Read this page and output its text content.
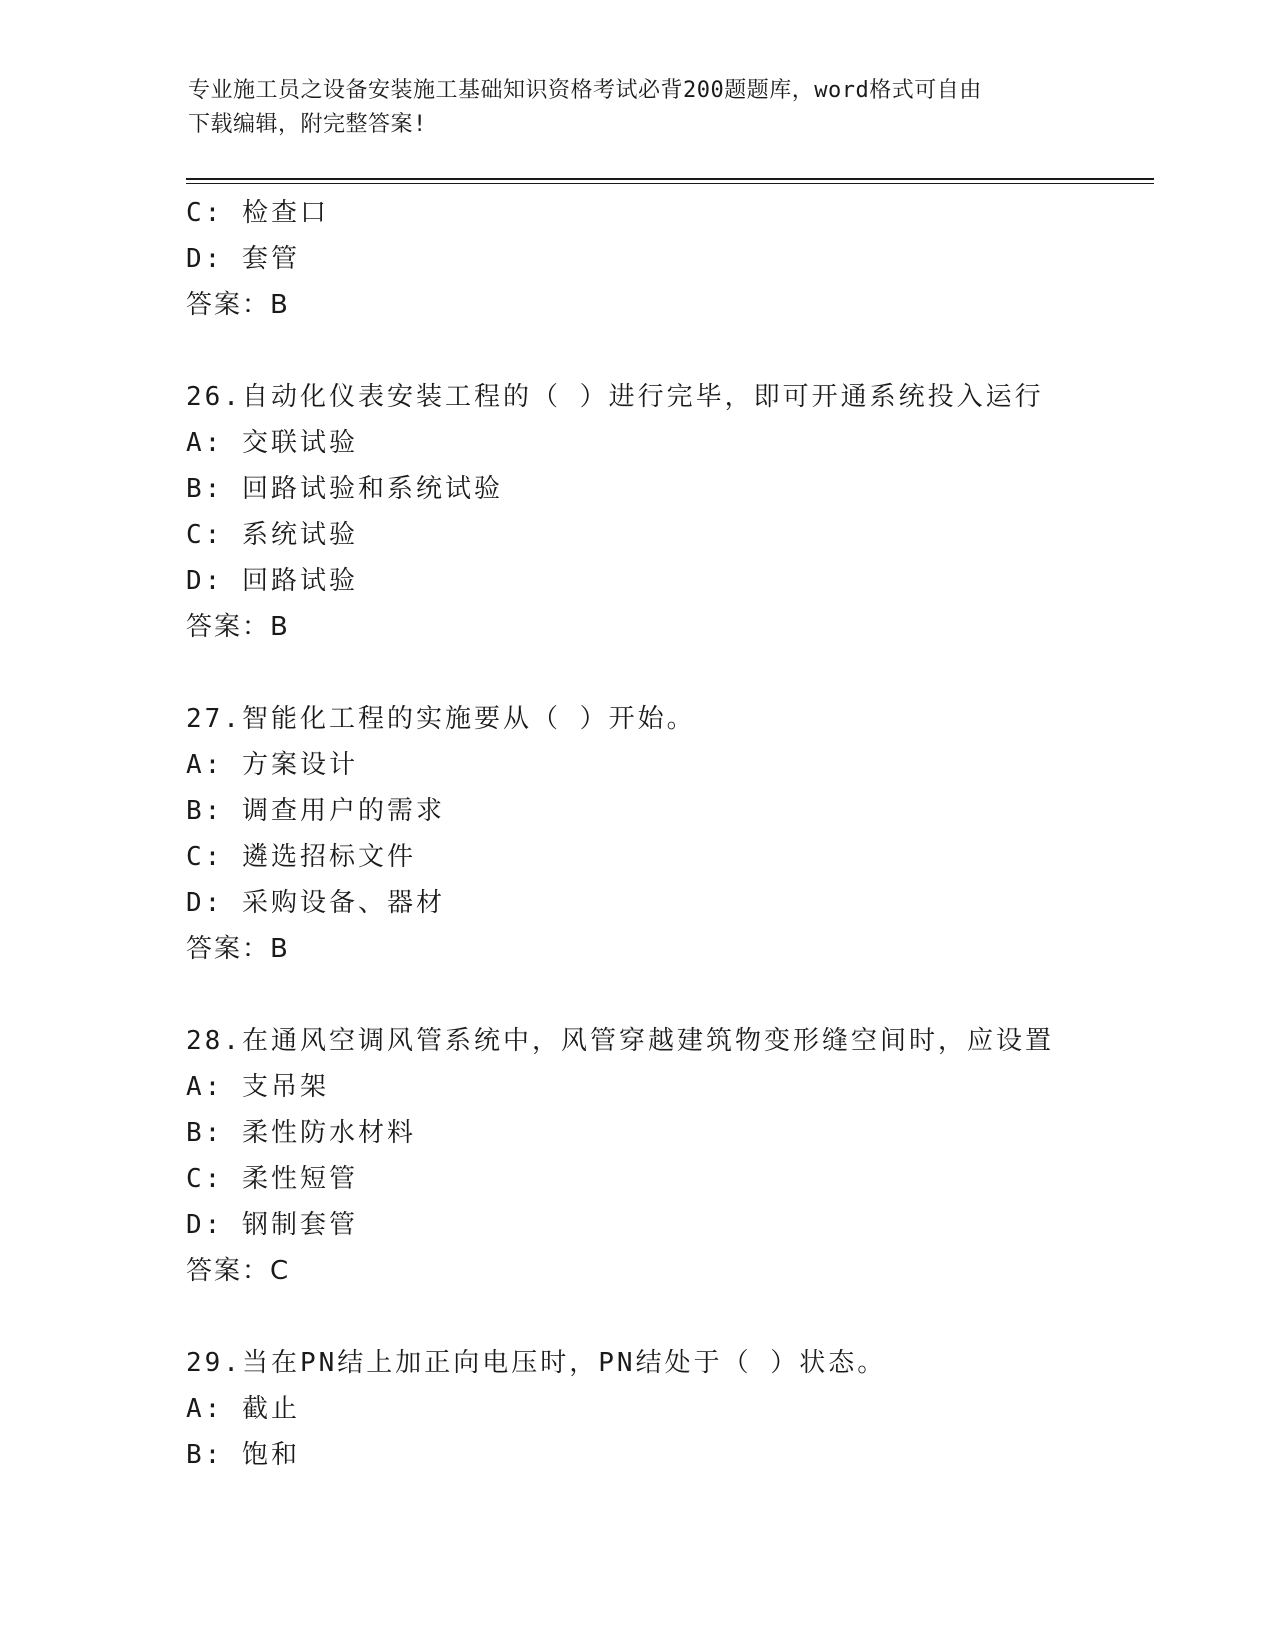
专业施工员之设备安装施工基础知识资格考试必背200题题库，word格式可自由
下载编辑，附完整答案!
C: 检查口
D: 套管
答案：B
26.自动化仪表安装工程的（ ）进行完毕，即可开通系统投入运行
A: 交联试验
B: 回路试验和系统试验
C: 系统试验
D: 回路试验
答案：B
27.智能化工程的实施要从（ ）开始。
A: 方案设计
B: 调查用户的需求
C: 遴选招标文件
D: 采购设备、器材
答案：B
28.在通风空调风管系统中，风管穿越建筑物变形缝空间时，应设置
A: 支吊架
B: 柔性防水材料
C: 柔性短管
D: 钢制套管
答案：C
29.当在PN结上加正向电压时，PN结处于（ ）状态。
A: 截止
B: 饱和
